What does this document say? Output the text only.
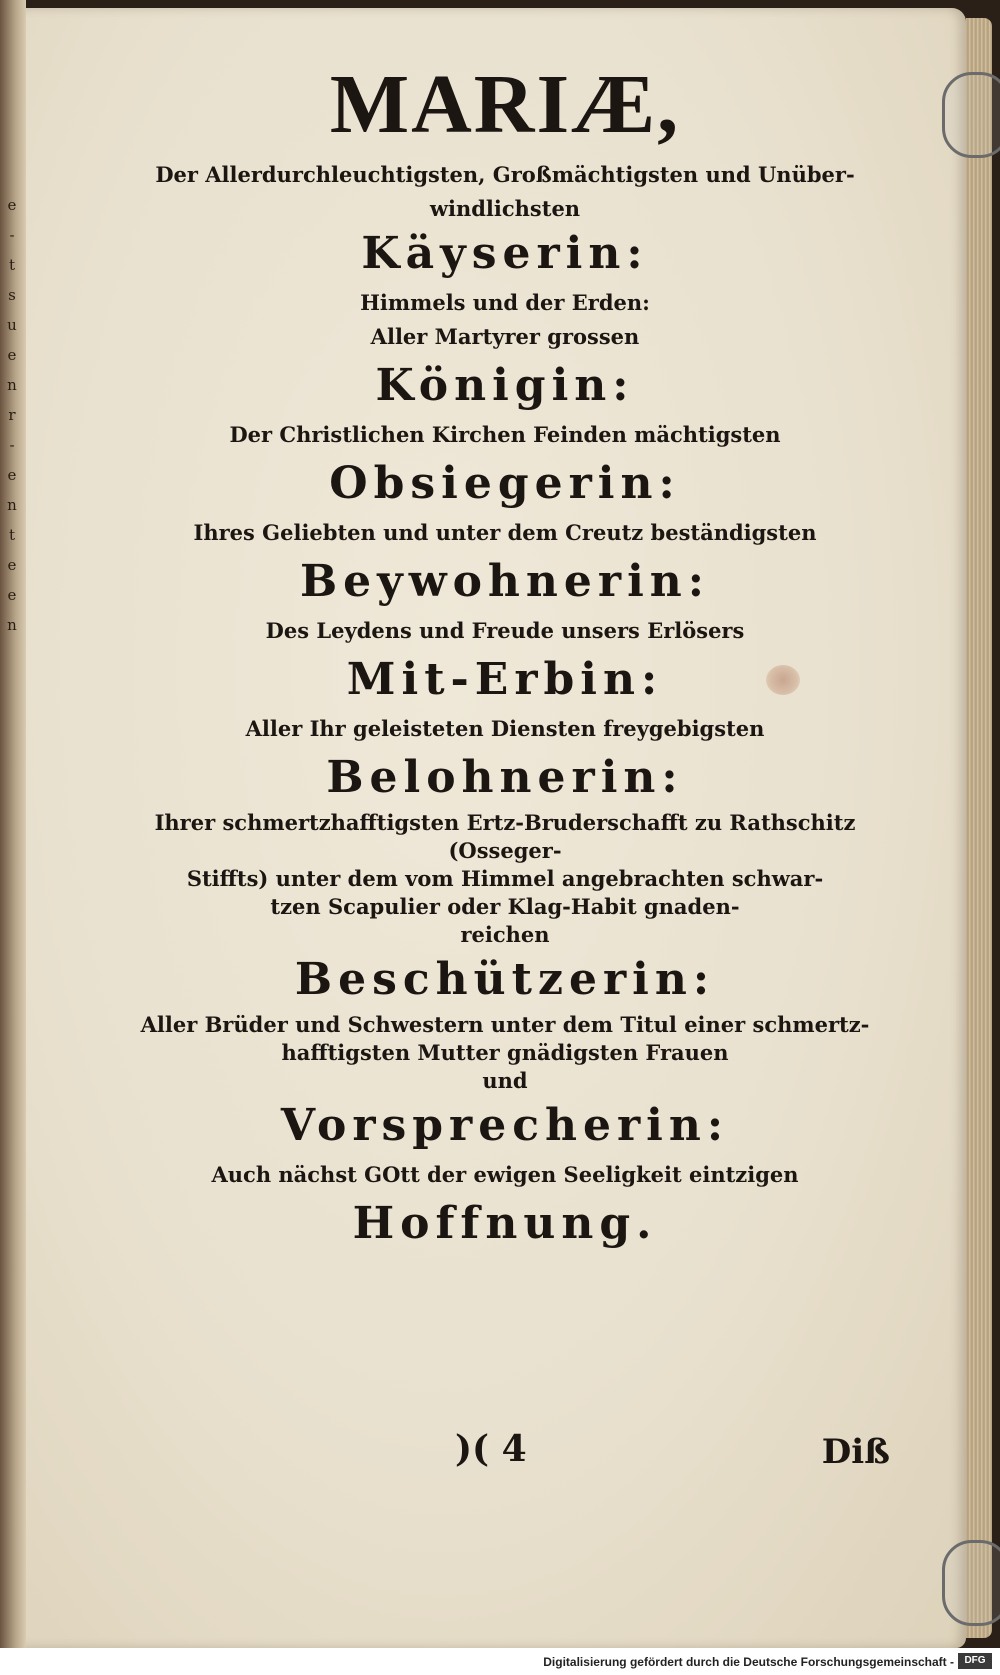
e
-
t
s
u
e
n
r
-
e
n
t
e
e
n
MARIÆ,
Der Allerdurchleuchtigsten, Großmächtigsten und Unüber-
windlichsten
Käyserin:
Himmels und der Erden:
Aller Martyrer grossen
Königin:
Der Christlichen Kirchen Feinden mächtigsten
Obsiegerin:
Ihres Geliebten und unter dem Creutz beständigsten
Beywohnerin:
Des Leydens und Freude unsers Erlösers
Mit-Erbin:
Aller Ihr geleisteten Diensten freygebigsten
Belohnerin:
Ihrer schmertzhafftigsten Ertz-Bruderschafft zu Rathschitz (Osseger-
Stiffts) unter dem vom Himmel angebrachten schwar-
tzen Scapulier oder Klag-Habit gnaden-
reichen
Beschützerin:
Aller Brüder und Schwestern unter dem Titul einer schmertz-
hafftigsten Mutter gnädigsten Frauen
und
Vorsprecherin:
Auch nächst GOtt der ewigen Seeligkeit eintzigen
Hoffnung.
)( 4	Diß
Digitalisierung gefördert durch die Deutsche Forschungsgemeinschaft -	DFG
